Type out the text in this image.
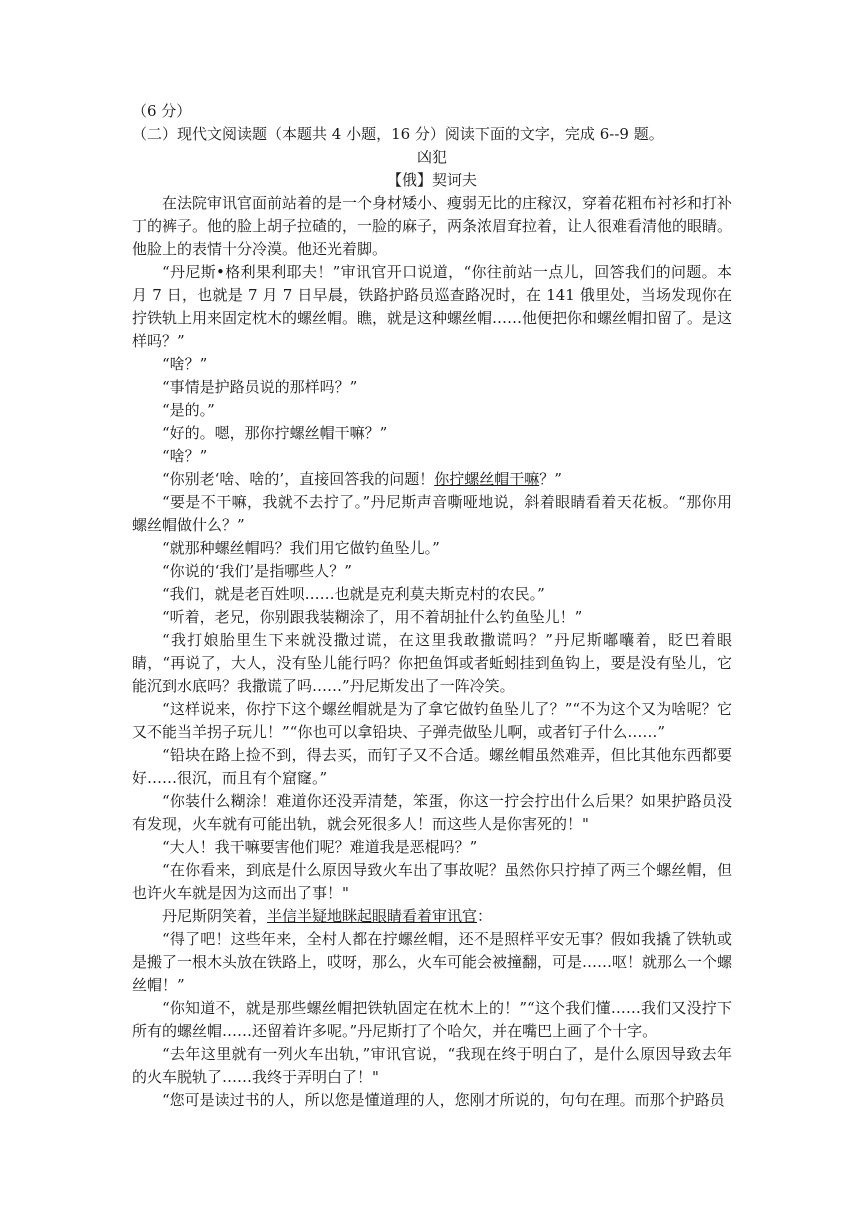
（6 分）

（二）现代文阅读题（本题共 4 小题，16 分）阅读下面的文字，完成 6--9 题。

凶犯

【俄】契诃夫

在法院审讯官面前站着的是一个身材矮小、瘦弱无比的庄稼汉，穿着花粗布衬衫和打补丁的裤子。他的脸上胡子拉碴的，一脸的麻子，两条浓眉耷拉着，让人很难看清他的眼睛。他脸上的表情十分冷漠。他还光着脚。

“丹尼斯•格利果利耶夫！”审讯官开口说道，“你往前站一点儿，回答我们的问题。本月 7 日，也就是 7 月 7 日早晨，铁路护路员巡查路况时，在 141 俄里处，当场发现你在拧铁轨上用来固定枕木的螺丝帽。瞧，就是这种螺丝帽……他便把你和螺丝帽扣留了。是这样吗？”

“啥？”

“事情是护路员说的那样吗？”

“是的。”

“好的。嗯，那你拧螺丝帽干嘛？”

“啥？”

“你别老‘啥、啥的’，直接回答我的问题！你拧螺丝帽干嘛？”

“要是不干嘛，我就不去拧了。”丹尼斯声音嘶哑地说，斜着眼睛看着天花板。“那你用螺丝帽做什么？”

“就那种螺丝帽吗？我们用它做钓鱼坠儿。”

“你说的‘我们’是指哪些人？”

“我们，就是老百姓呗……也就是克利莫夫斯克村的农民。”

“听着，老兄，你别跟我装糊涂了，用不着胡扯什么钓鱼坠儿！”

“我打娘胎里生下来就没撒过谎，在这里我敢撒谎吗？”丹尼斯嘟囔着，眨巴着眼睛，“再说了，大人，没有坠儿能行吗？你把鱼饵或者蚯蚓挂到鱼钩上，要是没有坠儿，它能沉到水底吗？我撒谎了吗……”丹尼斯发出了一阵冷笑。

“这样说来，你拧下这个螺丝帽就是为了拿它做钓鱼坠儿了？”“不为这个又为啥呢？它又不能当羊拐子玩儿！”“你也可以拿铅块、子弹壳做坠儿啊，或者钉子什么……”

“铅块在路上捡不到，得去买，而钉子又不合适。螺丝帽虽然难弄，但比其他东西都要好……很沉，而且有个窟窿。”

“你装什么糊涂！难道你还没弄清楚，笨蛋，你这一拧会拧出什么后果？如果护路员没有发现，火车就有可能出轨，就会死很多人！而这些人是你害死的！"

“大人！我干嘛要害他们呢？难道我是恶棍吗？”

“在你看来，到底是什么原因导致火车出了事故呢？虽然你只拧掉了两三个螺丝帽，但也许火车就是因为这而出了事！"

丹尼斯阴笑着，半信半疑地眯起眼睛看着审讯官：

“得了吧！这些年来，全村人都在拧螺丝帽，还不是照样平安无事？假如我撬了铁轨或是搬了一根木头放在铁路上，哎呀，那么，火车可能会被撞翻，可是……呕！就那么一个螺丝帽！”

“你知道不，就是那些螺丝帽把铁轨固定在枕木上的！”“这个我们懂……我们又没拧下所有的螺丝帽……还留着许多呢。”丹尼斯打了个哈欠，并在嘴巴上画了个十字。

“去年这里就有一列火车出轨，”审讯官说，“我现在终于明白了，是什么原因导致去年的火车脱轨了……我终于弄明白了！"

“您可是读过书的人，所以您是懂道理的人，您刚才所说的，句句在理。而那个护路员
